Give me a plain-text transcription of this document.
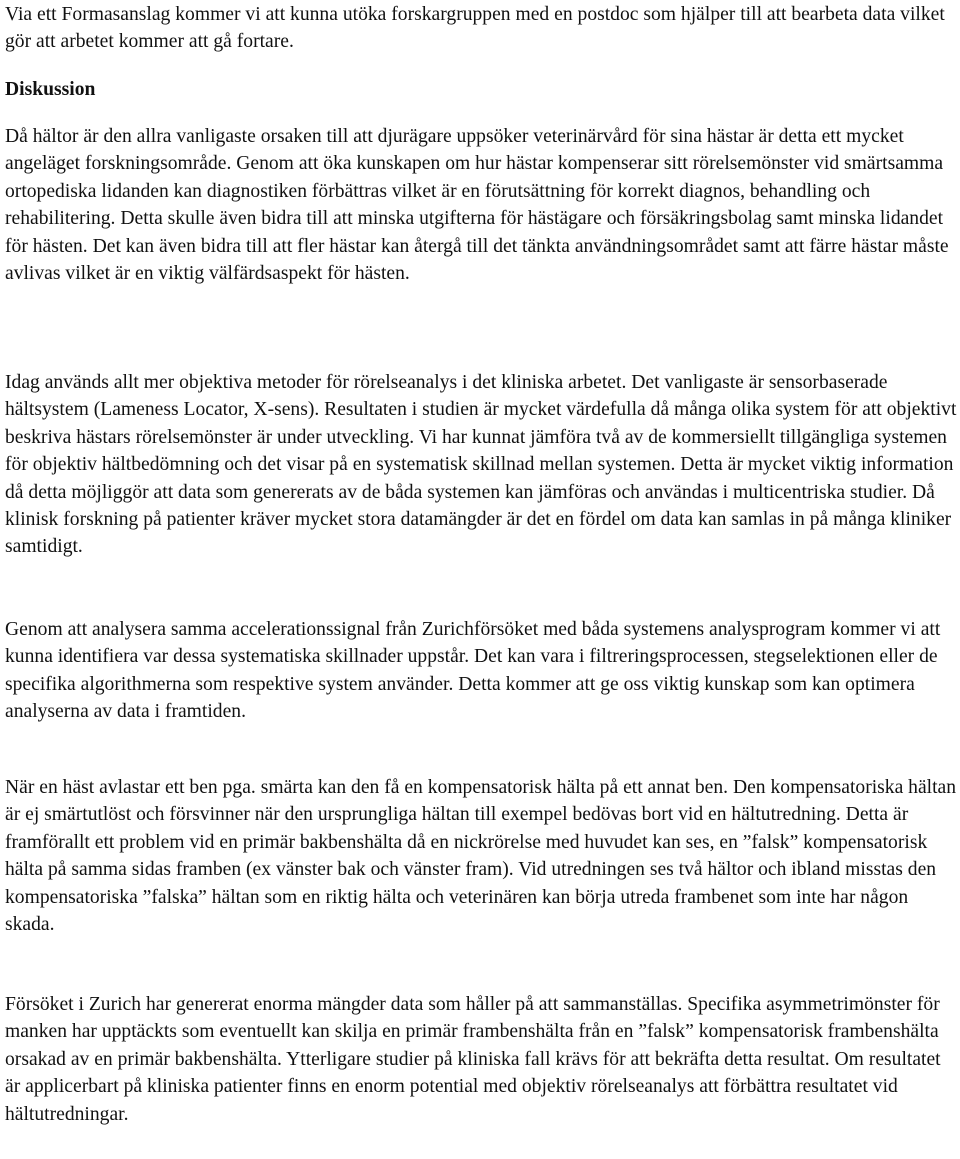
Via ett Formasanslag kommer vi att kunna utöka forskargruppen med en postdoc som hjälper till att bearbeta data vilket gör att arbetet kommer att gå fortare.

Diskussion

Då hältor är den allra vanligaste orsaken till att djurägare uppsöker veterinärvård för sina hästar är detta ett mycket angeläget forskningsområde. Genom att öka kunskapen om hur hästar kompenserar sitt rörelsemönster vid smärtsamma ortopediska lidanden kan diagnostiken förbättras vilket är en förutsättning för korrekt diagnos, behandling och rehabilitering. Detta skulle även bidra till att minska utgifterna för hästägare och försäkringsbolag samt minska lidandet för hästen. Det kan även bidra till att fler hästar kan återgå till det tänkta användningsområdet samt att färre hästar måste avlivas vilket är en viktig välfärdsaspekt för hästen.

Idag används allt mer objektiva metoder för rörelseanalys i det kliniska arbetet. Det vanligaste är sensorbaserade hältsystem (Lameness Locator, X-sens). Resultaten i studien är mycket värdefulla då många olika system för att objektivt beskriva hästars rörelsemönster är under utveckling. Vi har kunnat jämföra två av de kommersiellt tillgängliga systemen för objektiv hältbedömning och det visar på en systematisk skillnad mellan systemen. Detta är mycket viktig information då detta möjliggör att data som genererats av de båda systemen kan jämföras och användas i multicentriska studier. Då klinisk forskning på patienter kräver mycket stora datamängder är det en fördel om data kan samlas in på många kliniker samtidigt.

Genom att analysera samma accelerationssignal från Zurichförsöket med båda systemens analysprogram kommer vi att kunna identifiera var dessa systematiska skillnader uppstår. Det kan vara i filtreringsprocessen, stegselektionen eller de specifika algorithmerna som respektive system använder. Detta kommer att ge oss viktig kunskap som kan optimera analyserna av data i framtiden.

När en häst avlastar ett ben pga. smärta kan den få en kompensatorisk hälta på ett annat ben. Den kompensatoriska hältan är ej smärtutlöst och försvinner när den ursprungliga hältan till exempel bedövas bort vid en hältutredning. Detta är framförallt ett problem vid en primär bakbenshälta då en nickrörelse med huvudet kan ses, en ”falsk” kompensatorisk hälta på samma sidas framben (ex vänster bak och vänster fram). Vid utredningen ses två hältor och ibland misstas den kompensatoriska ”falska” hältan som en riktig hälta och veterinären kan börja utreda frambenet som inte har någon skada.

Försöket i Zurich har genererat enorma mängder data som håller på att sammanställas. Specifika asymmetrimönster för manken har upptäckts som eventuellt kan skilja en primär frambenshälta från en ”falsk” kompensatorisk frambenshälta orsakad av en primär bakbenshälta. Ytterligare studier på kliniska fall krävs för att bekräfta detta resultat. Om resultatet är applicerbart på kliniska patienter finns en enorm potential med objektiv rörelseanalys att förbättra resultatet vid hältutredningar.
